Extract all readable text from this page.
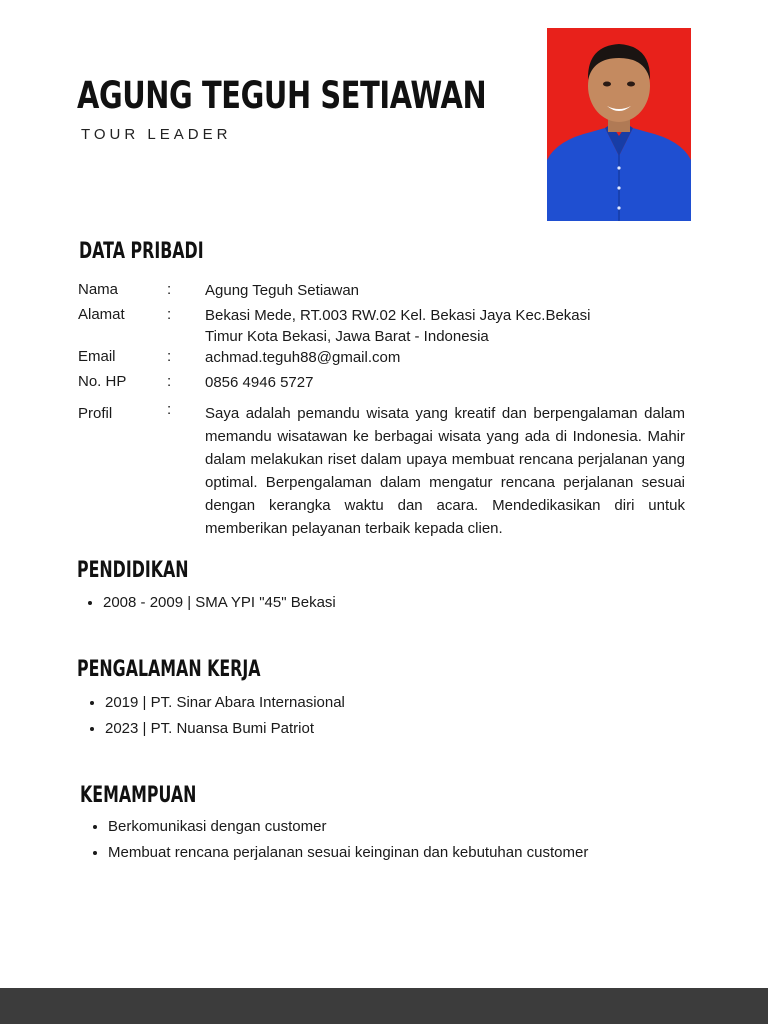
AGUNG TEGUH SETIAWAN
TOUR LEADER
DATA PRIBADI
Nama	: Agung Teguh Setiawan
Alamat	: Bekasi Mede, RT.003 RW.02 Kel. Bekasi Jaya Kec.Bekasi
Timur Kota Bekasi, Jawa Barat - Indonesia
Email	: achmad.teguh88@gmail.com
No. HP	: 0856 4946 5727
Profil	: Saya adalah pemandu wisata yang kreatif dan berpengalaman dalam memandu wisatawan ke berbagai wisata yang ada di Indonesia. Mahir dalam melakukan riset dalam upaya membuat rencana perjalanan yang optimal. Berpengalaman dalam mengatur rencana perjalanan sesuai dengan kerangka waktu dan acara. Mendedikasikan diri untuk memberikan pelayanan terbaik kepada clien.
PENDIDIKAN
• 2008 - 2009 | SMA YPI "45" Bekasi
PENGALAMAN KERJA
• 2019 | PT. Sinar Abara Internasional
• 2023 | PT. Nuansa Bumi Patriot
KEMAMPUAN
• Berkomunikasi dengan customer
• Membuat rencana perjalanan sesuai keinginan dan kebutuhan customer
